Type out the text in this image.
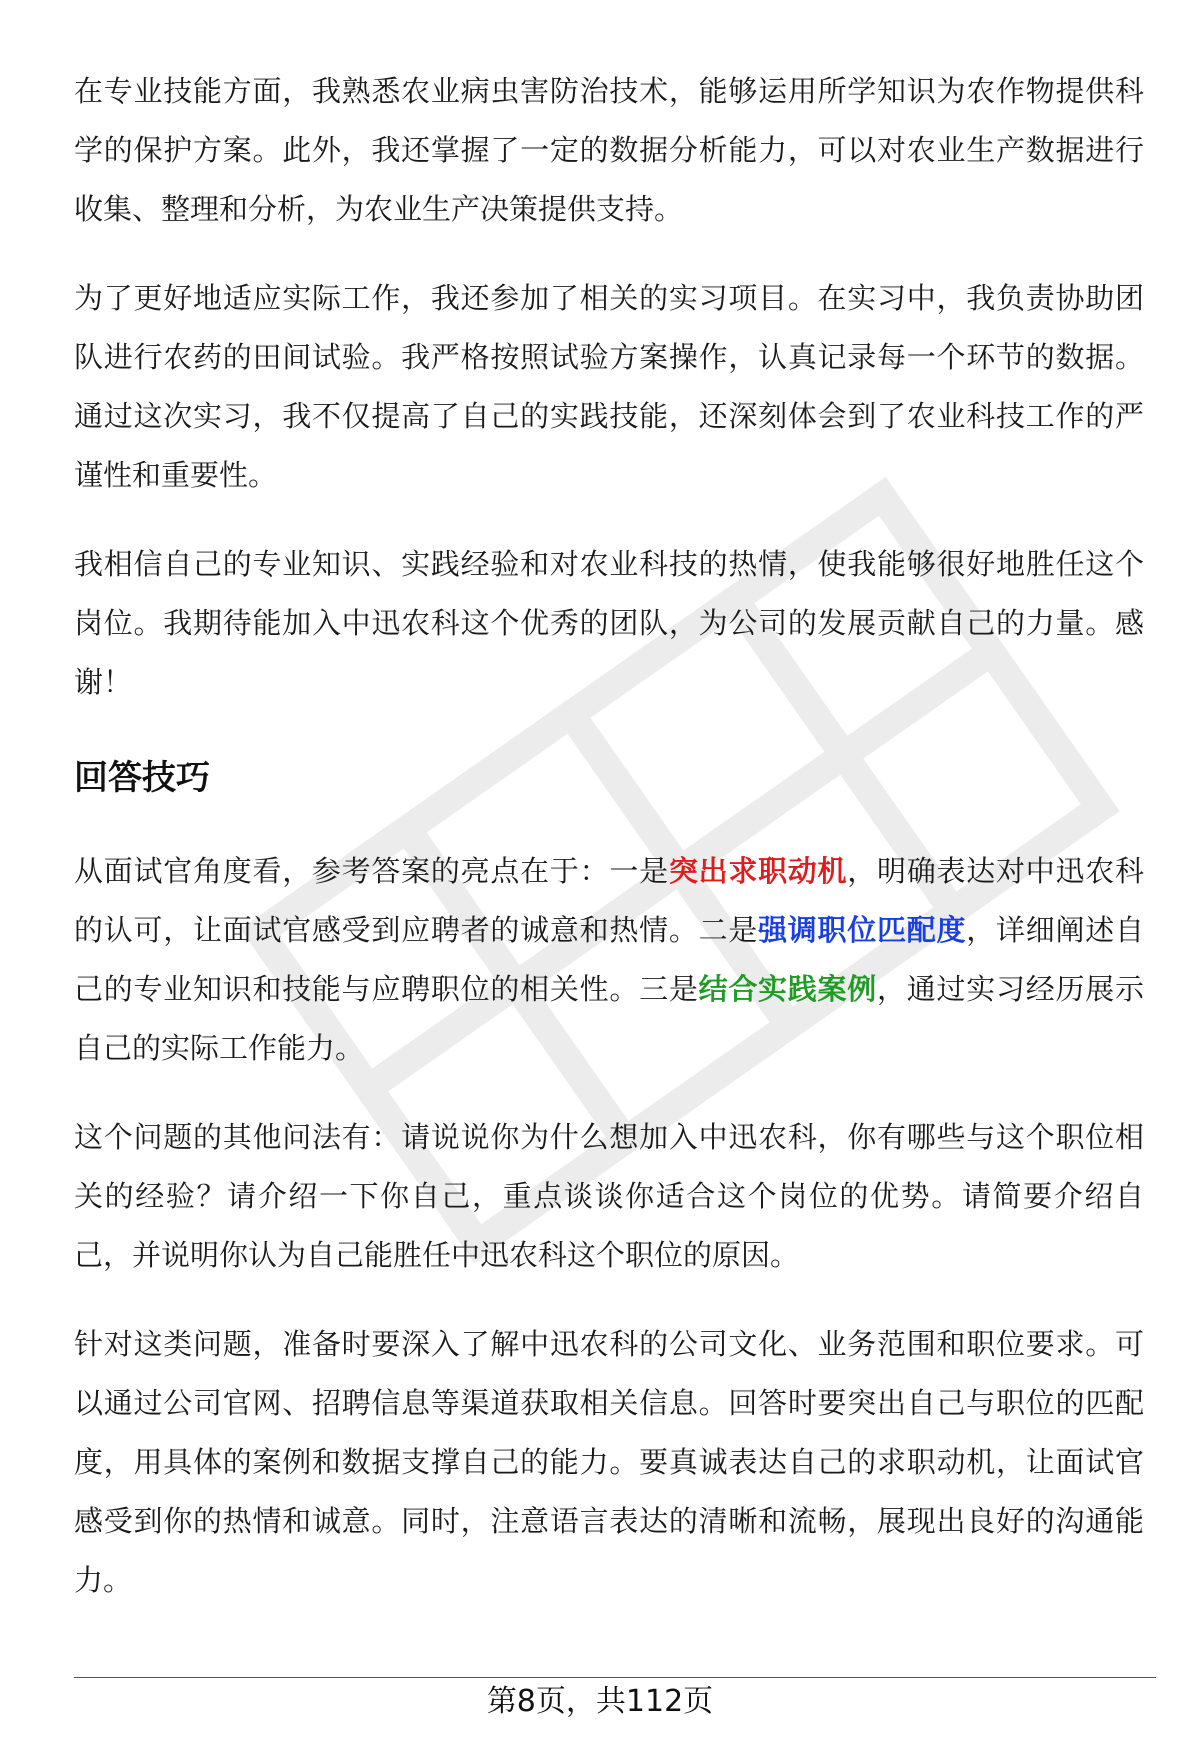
在专业技能方面，我熟悉农业病虫害防治技术，能够运用所学知识为农作物提供科学的保护方案。此外，我还掌握了一定的数据分析能力，可以对农业生产数据进行收集、整理和分析，为农业生产决策提供支持。

为了更好地适应实际工作，我还参加了相关的实习项目。在实习中，我负责协助团队进行农药的田间试验。我严格按照试验方案操作，认真记录每一个环节的数据。通过这次实习，我不仅提高了自己的实践技能，还深刻体会到了农业科技工作的严谨性和重要性。

我相信自己的专业知识、实践经验和对农业科技的热情，使我能够很好地胜任这个岗位。我期待能加入中迅农科这个优秀的团队，为公司的发展贡献自己的力量。感谢！

回答技巧

从面试官角度看，参考答案的亮点在于：一是突出求职动机，明确表达对中迅农科的认可，让面试官感受到应聘者的诚意和热情。二是强调职位匹配度，详细阐述自己的专业知识和技能与应聘职位的相关性。三是结合实践案例，通过实习经历展示自己的实际工作能力。

这个问题的其他问法有：请说说你为什么想加入中迅农科，你有哪些与这个职位相关的经验？请介绍一下你自己，重点谈谈你适合这个岗位的优势。请简要介绍自己，并说明你认为自己能胜任中迅农科这个职位的原因。

针对这类问题，准备时要深入了解中迅农科的公司文化、业务范围和职位要求。可以通过公司官网、招聘信息等渠道获取相关信息。回答时要突出自己与职位的匹配度，用具体的案例和数据支撑自己的能力。要真诚表达自己的求职动机，让面试官感受到你的热情和诚意。同时，注意语言表达的清晰和流畅，展现出良好的沟通能力。

第8页，共112页
